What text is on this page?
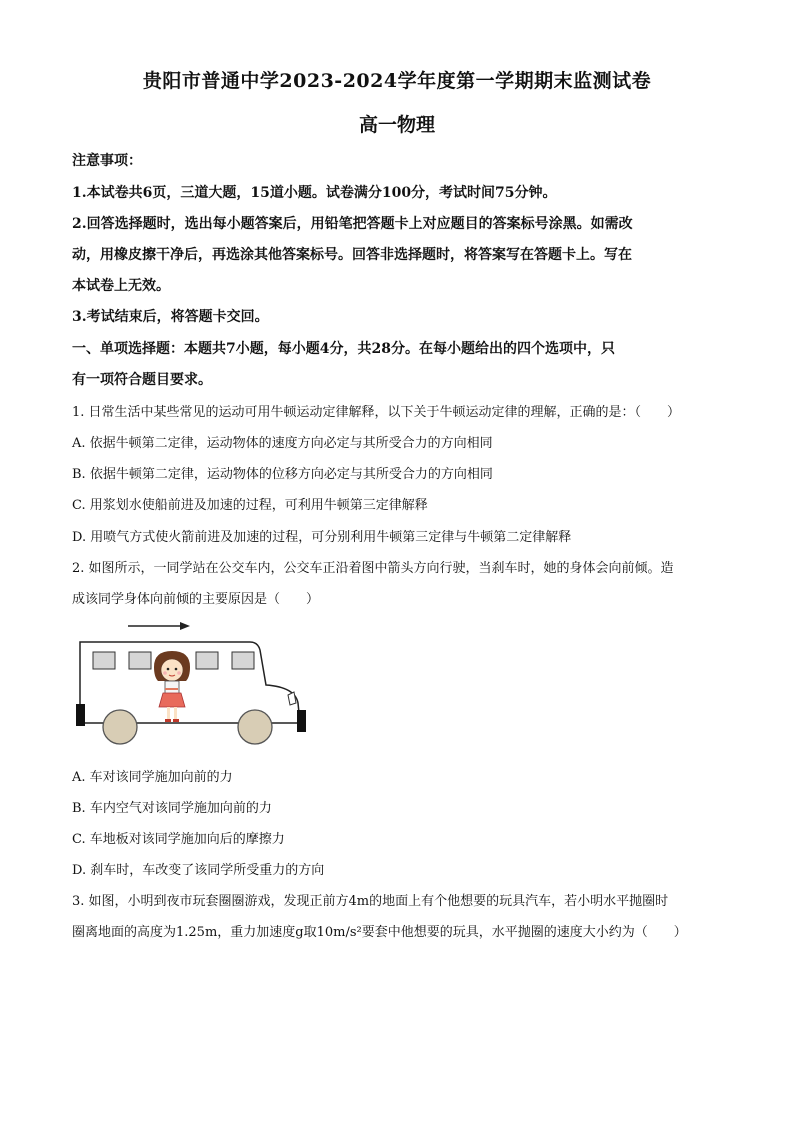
贵阳市普通中学2023-2024学年度第一学期期末监测试卷
高一物理
注意事项：
1.本试卷共6页，三道大题，15道小题。试卷满分100分，考试时间75分钟。
2.回答选择题时，选出每小题答案后，用铅笔把答题卡上对应题目的答案标号涂黑。如需改
动，用橡皮擦干净后，再选涂其他答案标号。回答非选择题时，将答案写在答题卡上。写在
本试卷上无效。
3.考试结束后，将答题卡交回。
一、单项选择题：本题共7小题，每小题4分，共28分。在每小题给出的四个选项中，只
有一项符合题目要求。
1. 日常生活中某些常见的运动可用牛顿运动定律解释，以下关于牛顿运动定律的理解，正确的是：（　　）
A. 依据牛顿第二定律，运动物体的速度方向必定与其所受合力的方向相同
B. 依据牛顿第二定律，运动物体的位移方向必定与其所受合力的方向相同
C. 用浆划水使船前进及加速的过程，可利用牛顿第三定律解释
D. 用喷气方式使火箭前进及加速的过程，可分别利用牛顿第三定律与牛顿第二定律解释
2. 如图所示，一同学站在公交车内，公交车正沿着图中箭头方向行驶，当刹车时，她的身体会向前倾。造
成该同学身体向前倾的主要原因是（　　）
A. 车对该同学施加向前的力
B. 车内空气对该同学施加向前的力
C. 车地板对该同学施加向后的摩擦力
D. 刹车时，车改变了该同学所受重力的方向
3. 如图，小明到夜市玩套圈圈游戏，发现正前方4m的地面上有个他想要的玩具汽车，若小明水平抛圈时
圈离地面的高度为1.25m，重力加速度g取10m/s²要套中他想要的玩具，水平抛圈的速度大小约为（　　）
